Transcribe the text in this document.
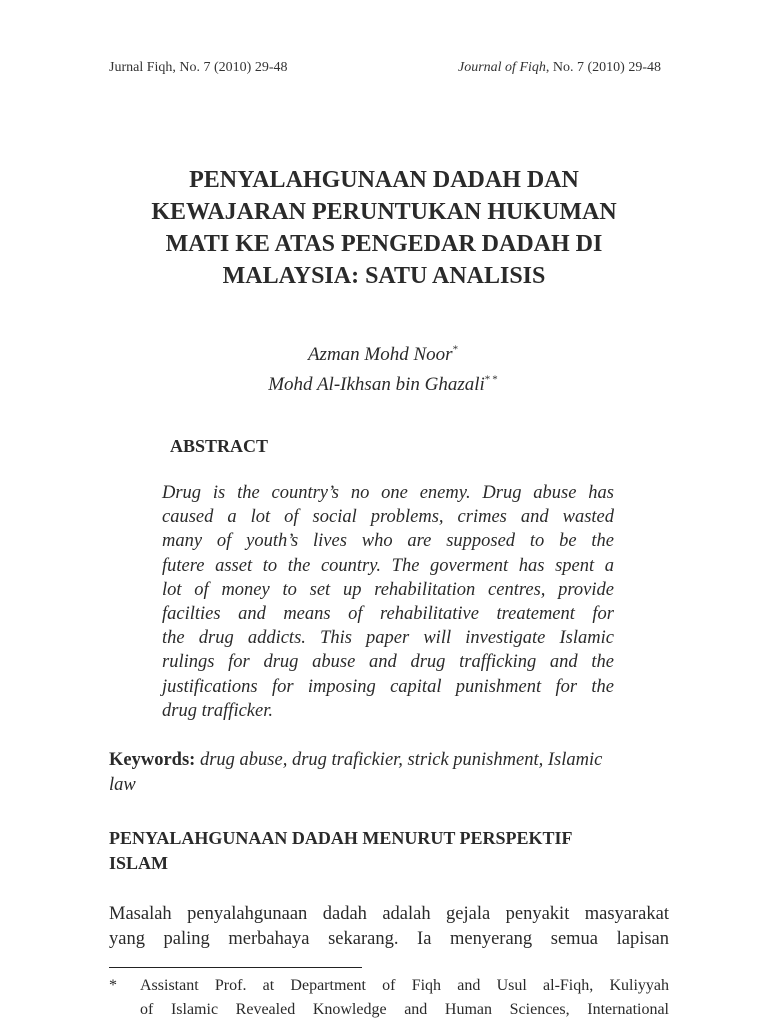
Jurnal Fiqh, No. 7 (2010) 29-48	Journal of Fiqh, No. 7 (2010) 29-48
PENYALAHGUNAAN DADAH DAN
KEWAJARAN PERUNTUKAN HUKUMAN
MATI KE ATAS PENGEDAR DADAH DI
MALAYSIA: SATU ANALISIS
Azman Mohd Noor*
Mohd Al-Ikhsan bin Ghazali**
ABSTRACT
Drug is the country’s no one enemy. Drug abuse has
caused a lot of social problems, crimes and wasted
many of youth’s lives who are supposed to be the
futere asset to the country. The goverment has spent a
lot of money to set up rehabilitation centres, provide
facilties and means of rehabilitative treatement for
the drug addicts. This paper will investigate Islamic
rulings for drug abuse and drug trafficking and the
justifications for imposing capital punishment for the
drug trafficker.
Keywords: drug abuse, drug trafickier, strick punishment, Islamic
law
PENYALAHGUNAAN DADAH MENURUT PERSPEKTIF
ISLAM
Masalah penyalahgunaan dadah adalah gejala penyakit masyarakat
yang paling merbahaya sekarang. Ia menyerang semua lapisan
* Assistant Prof. at Department of Fiqh and Usul al-Fiqh, Kuliyyah
of Islamic Revealed Knowledge and Human Sciences, International
